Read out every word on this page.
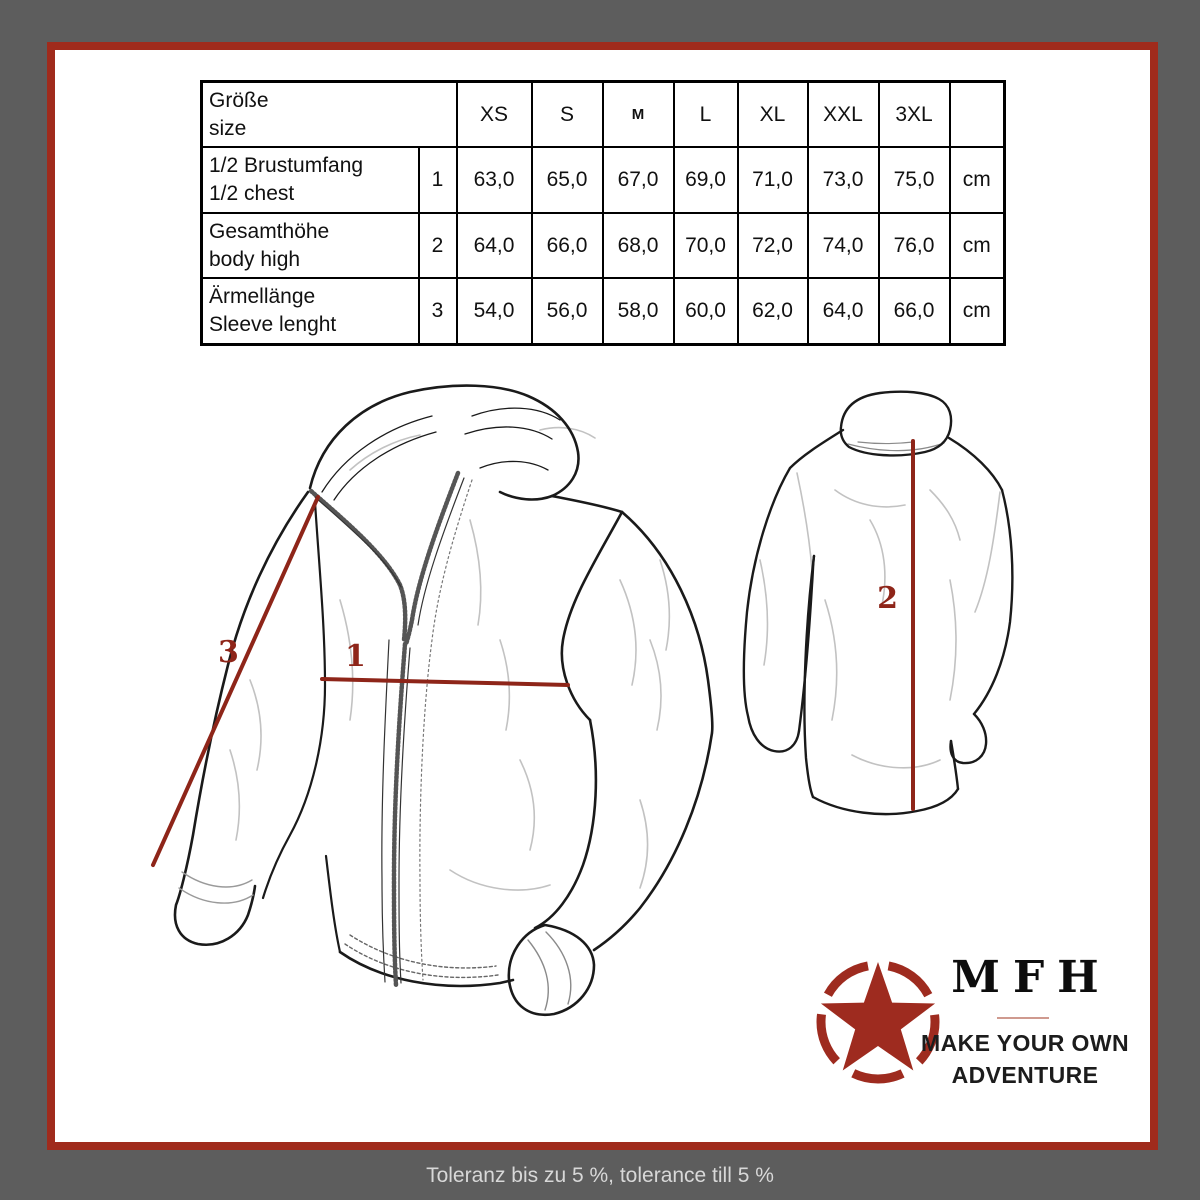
Größe
size		XS	S	M	L	XL	XXL	3XL	

1/2 Brustumfang
1/2 chest	1	63,0	65,0	67,0	69,0	71,0	73,0	75,0	cm

Gesamthöhe
body high	2	64,0	66,0	68,0	70,0	72,0	74,0	76,0	cm

Ärmellänge
Sleeve lenght	3	54,0	56,0	58,0	60,0	62,0	64,0	66,0	cm
1
2
3
MFH
MAKE YOUR OWN
ADVENTURE
Toleranz bis zu 5 %, tolerance till 5 %
